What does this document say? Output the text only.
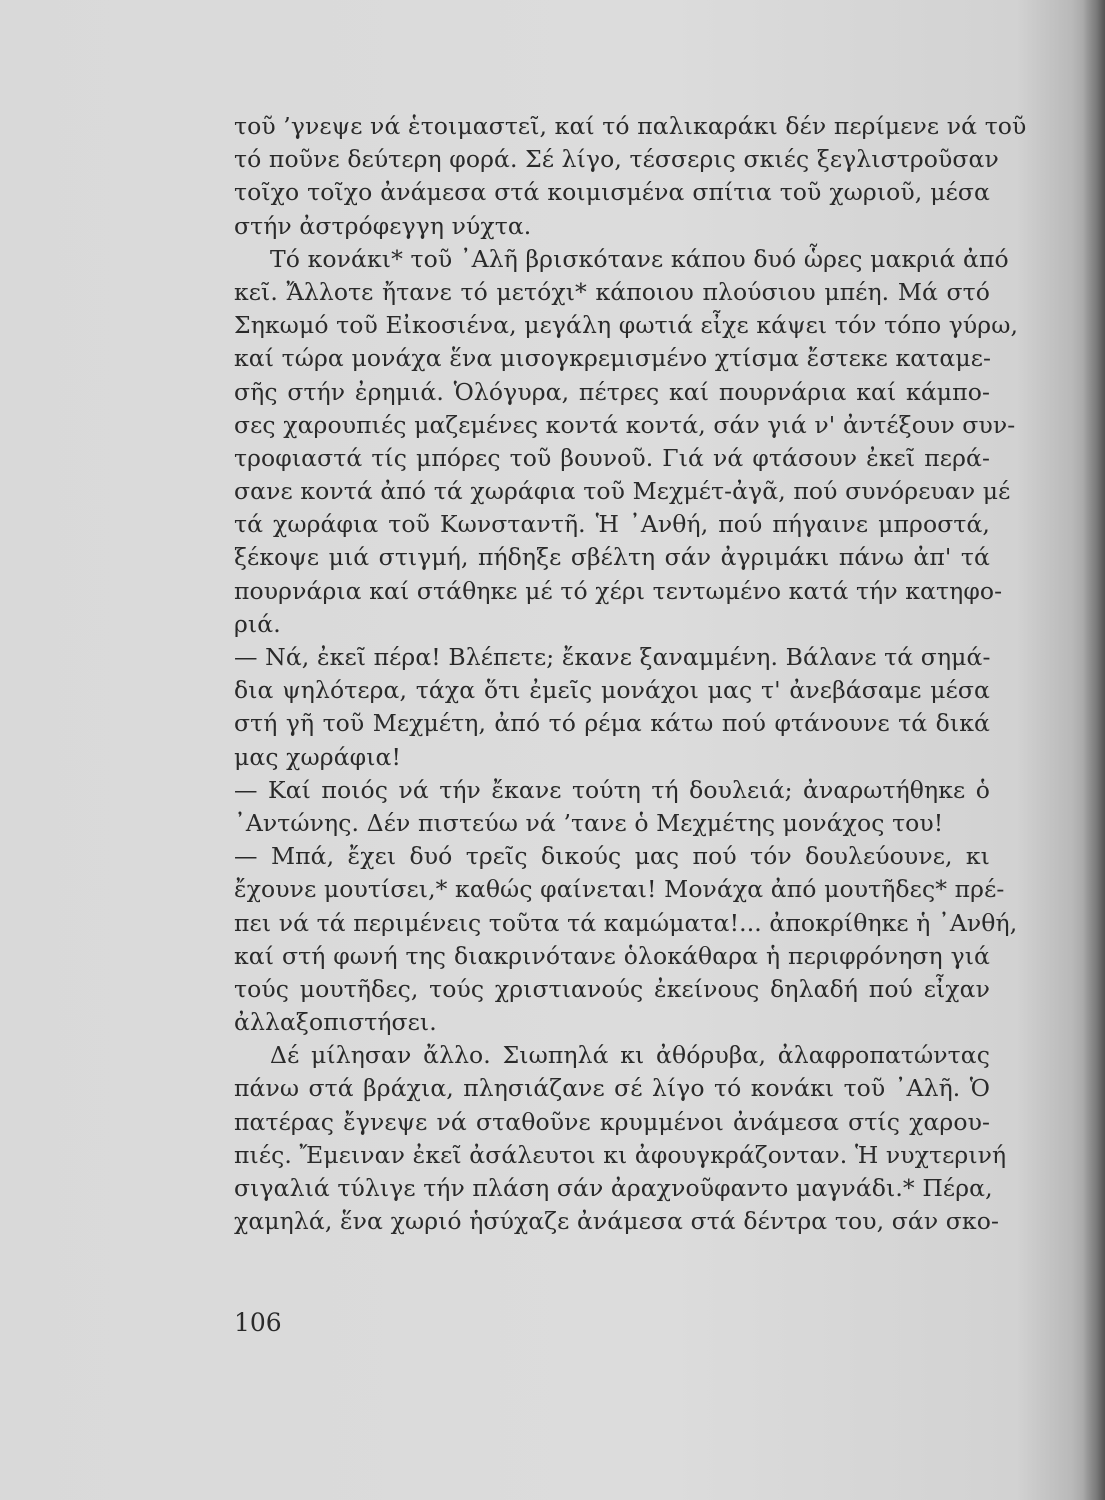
τοῦ ’γνεψε νά ἑτοιμαστεῖ, καί τό παλικαράκι δέν περίμενε νά τοῦ
τό ποῦνε δεύτερη φορά. Σέ λίγο, τέσσερις σκιές ξεγλιστροῦσαν
τοῖχο τοῖχο ἀνάμεσα στά κοιμισμένα σπίτια τοῦ χωριοῦ, μέσα
στήν ἀστρόφεγγη νύχτα.
Τό κονάκι* τοῦ ᾿Αλῆ βρισκότανε κάπου δυό ὧρες μακριά ἀπό
κεῖ. Ἄλλοτε ἤτανε τό μετόχι* κάποιου πλούσιου μπέη. Μά στό
Σηκωμό τοῦ Εἰκοσιένα, μεγάλη φωτιά εἶχε κάψει τόν τόπο γύρω,
καί τώρα μονάχα ἕνα μισογκρεμισμένο χτίσμα ἔστεκε καταμε-
σῆς στήν ἐρημιά. Ὁλόγυρα, πέτρες καί πουρνάρια καί κάμπο-
σες χαρουπιές μαζεμένες κοντά κοντά, σάν γιά ν' ἀντέξουν συν-
τροφιαστά τίς μπόρες τοῦ βουνοῦ. Γιά νά φτάσουν ἐκεῖ περά-
σανε κοντά ἀπό τά χωράφια τοῦ Μεχμέτ-ἀγᾶ, πού συνόρευαν μέ
τά χωράφια τοῦ Κωνσταντῆ. Ἡ ᾿Ανθή, πού πήγαινε μπροστά,
ξέκοψε μιά στιγμή, πήδηξε σβέλτη σάν ἀγριμάκι πάνω ἀπ' τά
πουρνάρια καί στάθηκε μέ τό χέρι τεντωμένο κατά τήν κατηφο-
ριά.
— Νά, ἐκεῖ πέρα! Βλέπετε; ἔκανε ξαναμμένη. Βάλανε τά σημά-
δια ψηλότερα, τάχα ὅτι ἐμεῖς μονάχοι μας τ' ἀνεβάσαμε μέσα
στή γῆ τοῦ Μεχμέτη, ἀπό τό ρέμα κάτω πού φτάνουνε τά δικά
μας χωράφια!
— Καί ποιός νά τήν ἔκανε τούτη τή δουλειά; ἀναρωτήθηκε ὁ
᾿Αντώνης. Δέν πιστεύω νά ’τανε ὁ Μεχμέτης μονάχος του!
— Μπά, ἔχει δυό τρεῖς δικούς μας πού τόν δουλεύουνε, κι
ἔχουνε μουτίσει,* καθώς φαίνεται! Μονάχα ἀπό μουτῆδες* πρέ-
πει νά τά περιμένεις τοῦτα τά καμώματα!... ἀποκρίθηκε ἡ ᾿Ανθή,
καί στή φωνή της διακρινότανε ὁλοκάθαρα ἡ περιφρόνηση γιά
τούς μουτῆδες, τούς χριστιανούς ἐκείνους δηλαδή πού εἶχαν
ἀλλαξοπιστήσει.
Δέ μίλησαν ἄλλο. Σιωπηλά κι ἀθόρυβα, ἀλαφροπατώντας
πάνω στά βράχια, πλησιάζανε σέ λίγο τό κονάκι τοῦ ᾿Αλῆ. Ὁ
πατέρας ἔγνεψε νά σταθοῦνε κρυμμένοι ἀνάμεσα στίς χαρου-
πιές. Ἔμειναν ἐκεῖ ἀσάλευτοι κι ἀφουγκράζονταν. Ἡ νυχτερινή
σιγαλιά τύλιγε τήν πλάση σάν ἀραχνοῦφαντο μαγνάδι.* Πέρα,
χαμηλά, ἕνα χωριό ἡσύχαζε ἀνάμεσα στά δέντρα του, σάν σκο-
106
